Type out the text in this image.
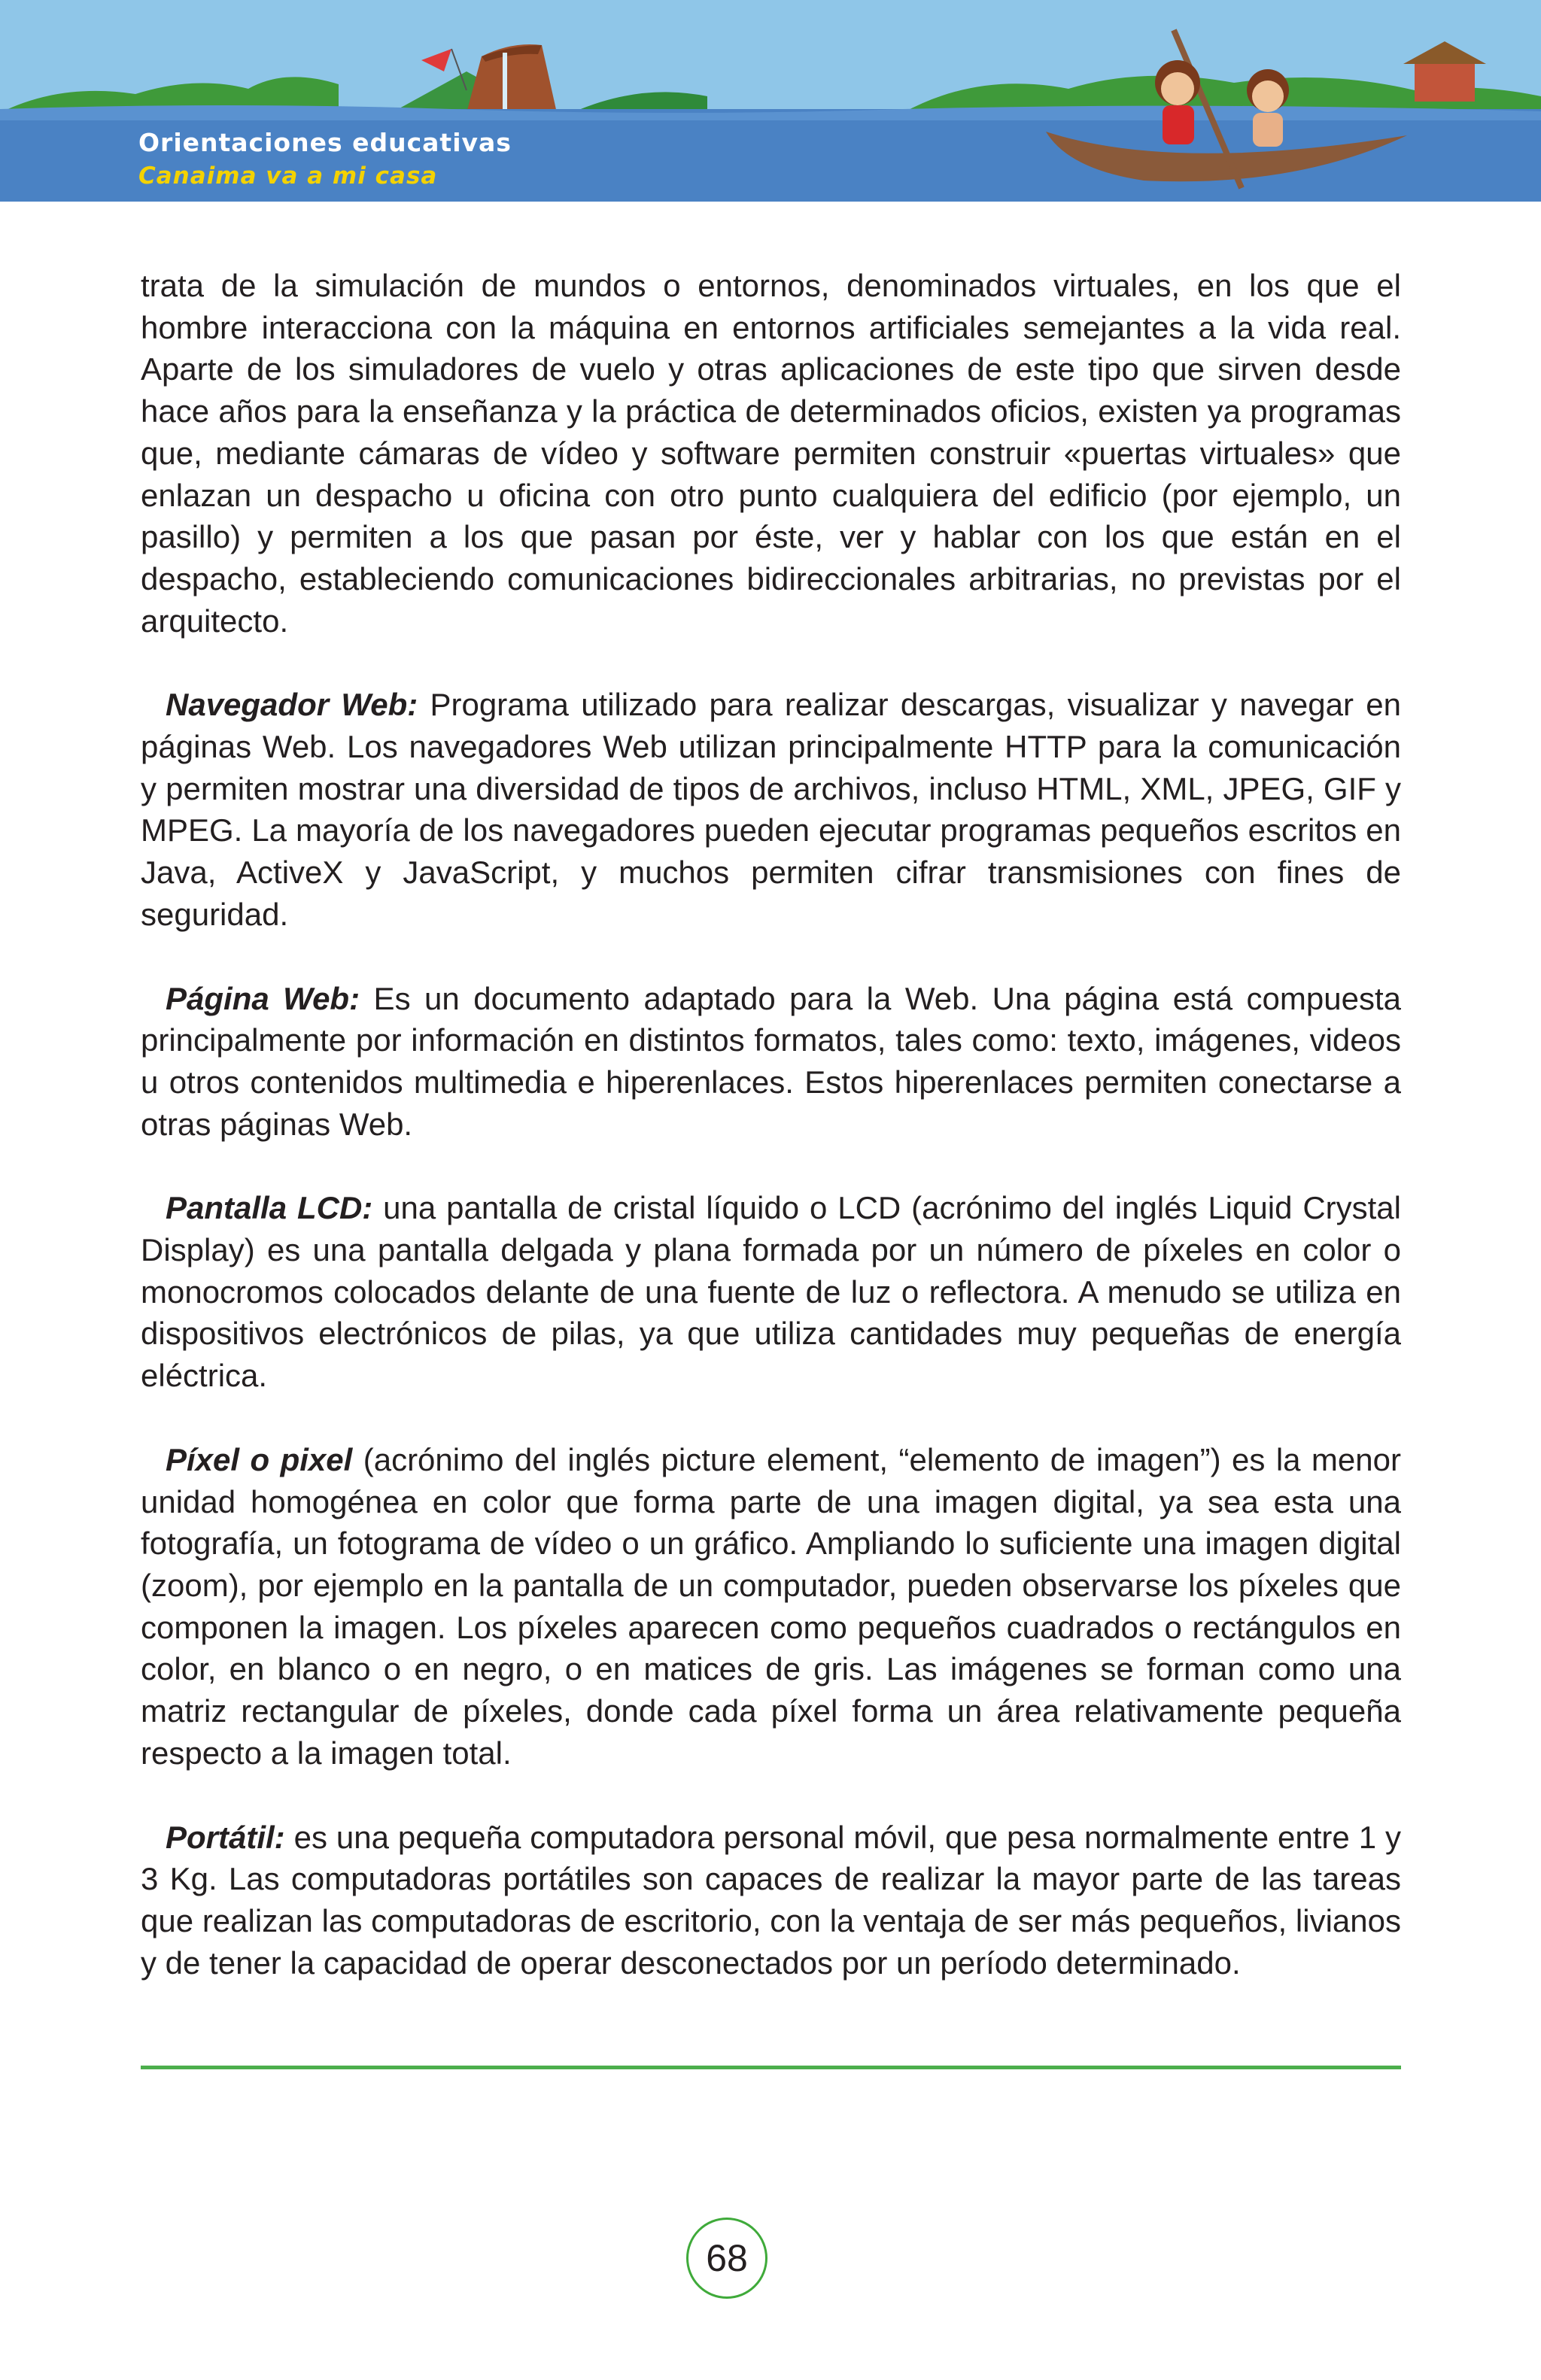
Orientaciones educativas
Canaima va a mi casa

trata de la simulación de mundos o entornos, denominados virtuales, en los que el hombre interacciona con la máquina en entornos artificiales semejantes a la vida real. Aparte de los simuladores de vuelo y otras aplicaciones de este tipo que sirven desde hace años para la enseñanza y la práctica de determinados oficios, existen ya programas que, mediante cámaras de vídeo y software permiten construir «puertas virtuales» que enlazan un despacho u oficina con otro punto cualquiera del edificio (por ejemplo, un pasillo) y permiten a los que pasan por éste, ver y hablar con los que están en el despacho, estableciendo comunicaciones bidireccionales arbitrarias, no previstas por el arquitecto.

Navegador Web: Programa utilizado para realizar descargas, visualizar y navegar en páginas Web. Los navegadores Web utilizan principalmente HTTP para la comunicación y permiten mostrar una diversidad de tipos de archivos, incluso HTML, XML, JPEG, GIF y MPEG. La mayoría de los navegadores pueden ejecutar programas pequeños escritos en Java, ActiveX y JavaScript, y muchos permiten cifrar transmisiones con fines de seguridad.

Página Web: Es un documento adaptado para la Web. Una página está compuesta principalmente por información en distintos formatos, tales como: texto, imágenes, videos u otros contenidos multimedia e hiperenlaces. Estos hiperenlaces permiten conectarse a otras páginas Web.

Pantalla LCD: una pantalla de cristal líquido o LCD (acrónimo del inglés Liquid Crystal Display) es una pantalla delgada y plana formada por un número de píxeles en color o monocromos colocados delante de una fuente de luz o reflectora. A menudo se utiliza en dispositivos electrónicos de pilas, ya que utiliza cantidades muy pequeñas de energía eléctrica.

Píxel o pixel (acrónimo del inglés picture element, “elemento de imagen”) es la menor unidad homogénea en color que forma parte de una imagen digital, ya sea esta una fotografía, un fotograma de vídeo o un gráfico. Ampliando lo suficiente una imagen digital (zoom), por ejemplo en la pantalla de un computador, pueden observarse los píxeles que componen la imagen. Los píxeles aparecen como pequeños cuadrados o rectángulos en color, en blanco o en negro, o en matices de gris. Las imágenes se forman como una matriz rectangular de píxeles, donde cada píxel forma un área relativamente pequeña respecto a la imagen total.

Portátil: es una pequeña computadora personal móvil, que pesa normalmente entre 1 y 3 Kg. Las computadoras portátiles son capaces de realizar la mayor parte de las tareas que realizan las computadoras de escritorio, con la ventaja de ser más pequeños, livianos y de tener la capacidad de operar desconectados por un período determinado.

68
